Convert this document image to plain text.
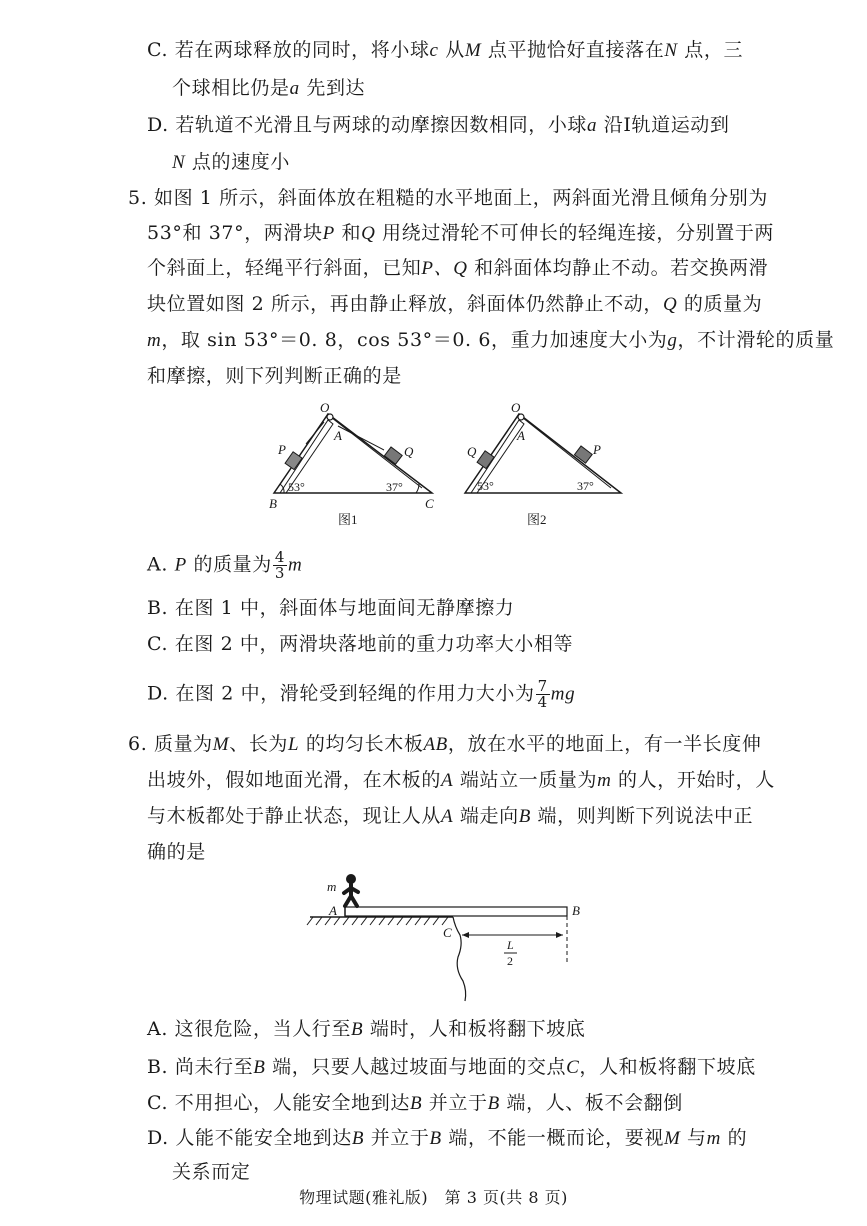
C. 若在两球释放的同时，将小球c 从M 点平抛恰好直接落在N 点，三
个球相比仍是a 先到达
D. 若轨道不光滑且与两球的动摩擦因数相同，小球a 沿Ⅰ轨道运动到
N 点的速度小
5. 如图 1 所示，斜面体放在粗糙的水平地面上，两斜面光滑且倾角分别为
53°和 37°，两滑块P 和Q 用绕过滑轮不可伸长的轻绳连接，分别置于两
个斜面上，轻绳平行斜面，已知P、Q 和斜面体均静止不动。若交换两滑
块位置如图 2 所示，再由静止释放，斜面体仍然静止不动，Q 的质量为
m，取 sin 53°＝0. 8，cos 53°＝0. 6，重力加速度大小为g，不计滑轮的质量
和摩擦，则下列判断正确的是
O
A
P	Q
53°	37°
B	C
图1
O
A
Q	P
53°	37°
图2
A. P 的质量为 $\frac{4}{3}$ m
B. 在图 1 中，斜面体与地面间无静摩擦力
C. 在图 2 中，两滑块落地前的重力功率大小相等
D. 在图 2 中，滑轮受到轻绳的作用力大小为 $\frac{7}{4}$ mg
6. 质量为M、长为L 的均匀长木板AB，放在水平的地面上，有一半长度伸
出坡外，假如地面光滑，在木板的A 端站立一质量为m 的人，开始时，人
与木板都处于静止状态，现让人从A 端走向B 端，则判断下列说法中正
确的是
m
A	B
C
L
2
A. 这很危险，当人行至B 端时，人和板将翻下坡底
B. 尚未行至B 端，只要人越过坡面与地面的交点C，人和板将翻下坡底
C. 不用担心，人能安全地到达B 并立于B 端，人、板不会翻倒
D. 人能不能安全地到达B 并立于B 端，不能一概而论，要视M 与m 的
关系而定
物理试题(雅礼版)　第 3 页(共 8 页)
